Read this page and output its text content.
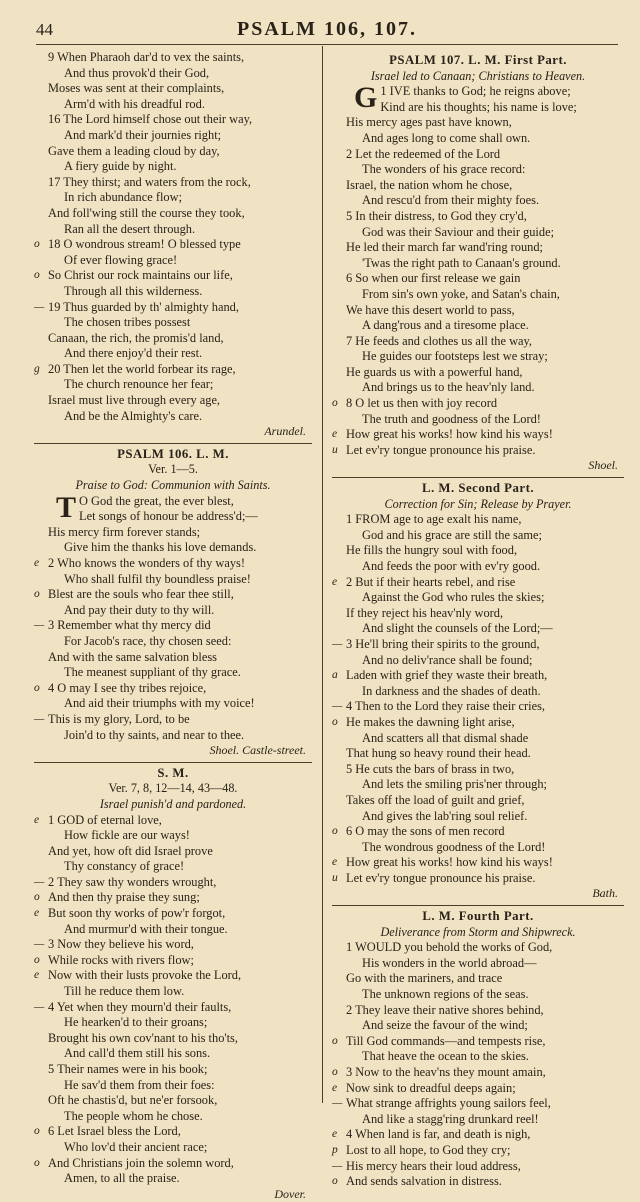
44	PSALM 106, 107.
9 When Pharaoh dar'd to vex the saints,
And thus provok'd their God,
Moses was sent at their complaints,
Arm'd with his dreadful rod.
16 The Lord himself chose out their way,
And mark'd their journies right;
Gave them a leading cloud by day,
A fiery guide by night.
17 They thirst; and waters from the rock,
In rich abundance flow;
And foll'wing still the course they took,
Ran all the desert through.
o 18 O wondrous stream! O blessed type
Of ever flowing grace!
o So Christ our rock maintains our life,
Through all this wilderness.
— 19 Thus guarded by th' almighty hand,
The chosen tribes possest
Canaan, the rich, the promis'd land,
And there enjoy'd their rest.
g 20 Then let the world forbear its rage,
The church renounce her fear;
Israel must live through every age,
And be the Almighty's care.
Arundel.
PSALM 106. L. M.
Ver. 1—5.
Praise to God: Communion with Saints.
T O God the great, the ever blest,
Let songs of honour be address'd;—
His mercy firm forever stands;
Give him the thanks his love demands.
e 2 Who knows the wonders of thy ways!
Who shall fulfil thy boundless praise!
o Blest are the souls who fear thee still,
And pay their duty to thy will.
— 3 Remember what thy mercy did
For Jacob's race, thy chosen seed:
And with the same salvation bless
The meanest suppliant of thy grace.
o 4 O may I see thy tribes rejoice,
And aid their triumphs with my voice!
— This is my glory, Lord, to be
Join'd to thy saints, and near to thee.
Shoel. Castle-street.
S. M.
Ver. 7, 8, 12—14, 43—48.
Israel punish'd and pardoned.
e 1 GOD of eternal love,
How fickle are our ways!
And yet, how oft did Israel prove
Thy constancy of grace!
— 2 They saw thy wonders wrought,
o And then thy praise they sung;
e But soon thy works of pow'r forgot,
And murmur'd with their tongue.
— 3 Now they believe his word,
o While rocks with rivers flow;
e Now with their lusts provoke the Lord,
Till he reduce them low.
— 4 Yet when they mourn'd their faults,
He hearken'd to their groans;
Brought his own cov'nant to his tho'ts,
And call'd them still his sons.
5 Their names were in his book;
He sav'd them from their foes:
Oft he chastis'd, but ne'er forsook,
The people whom he chose.
o 6 Let Israel bless the Lord,
Who lov'd their ancient race;
o And Christians join the solemn word,
Amen, to all the praise.
Dover.
PSALM 107. L. M. First Part.
Israel led to Canaan; Christians to Heaven.
G 1 IVE thanks to God; he reigns above;
Kind are his thoughts; his name is love;
His mercy ages past have known,
And ages long to come shall own.
2 Let the redeemed of the Lord
The wonders of his grace record:
Israel, the nation whom he chose,
And rescu'd from their mighty foes.
5 In their distress, to God they cry'd,
God was their Saviour and their guide;
He led their march far wand'ring round;
'Twas the right path to Canaan's ground.
6 So when our first release we gain
From sin's own yoke, and Satan's chain,
We have this desert world to pass,
A dang'rous and a tiresome place.
7 He feeds and clothes us all the way,
He guides our footsteps lest we stray;
He guards us with a powerful hand,
And brings us to the heav'nly land.
o 8 O let us then with joy record
The truth and goodness of the Lord!
e How great his works! how kind his ways!
u Let ev'ry tongue pronounce his praise.
Shoel.
L. M. Second Part.
Correction for Sin; Release by Prayer.
1 FROM age to age exalt his name,
God and his grace are still the same;
He fills the hungry soul with food,
And feeds the poor with ev'ry good.
e 2 But if their hearts rebel, and rise
Against the God who rules the skies;
If they reject his heav'nly word,
And slight the counsels of the Lord;—
— 3 He'll bring their spirits to the ground,
And no deliv'rance shall be found;
a Laden with grief they waste their breath,
In darkness and the shades of death.
— 4 Then to the Lord they raise their cries,
o He makes the dawning light arise,
And scatters all that dismal shade
That hung so heavy round their head.
5 He cuts the bars of brass in two,
And lets the smiling pris'ner through;
Takes off the load of guilt and grief,
And gives the lab'ring soul relief.
o 6 O may the sons of men record
The wondrous goodness of the Lord!
e How great his works! how kind his ways!
u Let ev'ry tongue pronounce his praise.
Bath.
L. M. Fourth Part.
Deliverance from Storm and Shipwreck.
1 WOULD you behold the works of God,
His wonders in the world abroad—
Go with the mariners, and trace
The unknown regions of the seas.
2 They leave their native shores behind,
And seize the favour of the wind;
o Till God commands—and tempests rise,
That heave the ocean to the skies.
o 3 Now to the heav'ns they mount amain,
e Now sink to dreadful deeps again;
— What strange affrights young sailors feel,
And like a stagg'ring drunkard reel!
e 4 When land is far, and death is nigh,
p Lost to all hope, to God they cry;
— His mercy hears their loud address,
o And sends salvation in distress.
